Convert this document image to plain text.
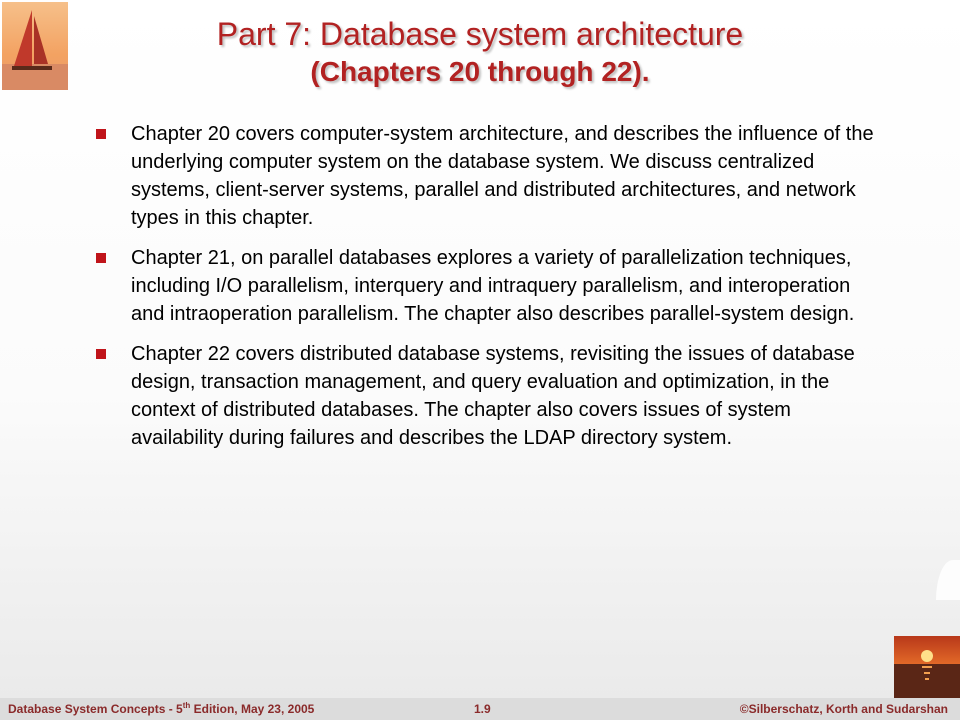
Part 7: Database system architecture
(Chapters 20 through 22).
Chapter 20 covers computer-system architecture, and describes the influence of the underlying computer system on the database system. We discuss centralized systems, client-server systems, parallel and distributed architectures, and network types in this chapter.
Chapter 21, on parallel databases explores a variety of parallelization techniques, including I/O parallelism, interquery and intraquery parallelism, and interoperation and intraoperation parallelism. The chapter also describes parallel-system design.
Chapter 22 covers distributed database systems, revisiting the issues of database design, transaction management, and query evaluation and optimization, in the context of distributed databases. The chapter also covers issues of system availability during failures and describes the LDAP directory system.
Database System Concepts - 5th Edition, May 23, 2005	1.9	©Silberschatz, Korth and Sudarshan
